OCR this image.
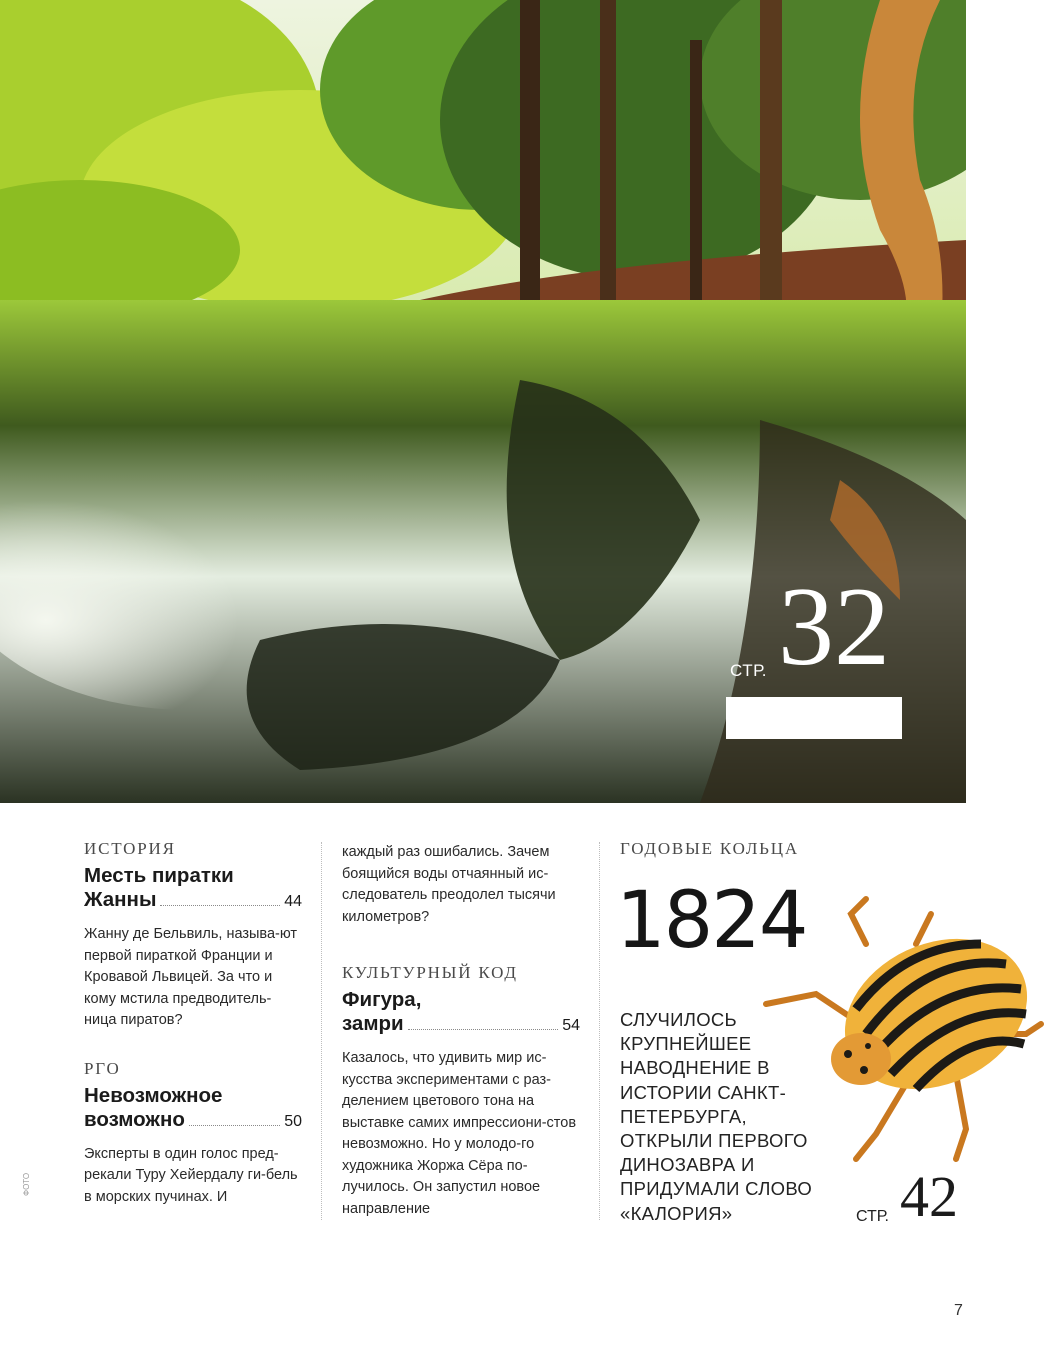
СТР. 32

ИСТОРИЯ

Месть пиратки
Жанны	44

Жанну де Бельвиль, называ-ют первой пираткой Франции и Кровавой Львицей. За что и кому мстила предводитель-ница пиратов?

РГО

Невозможное
возможно	50

Эксперты в один голос пред-рекали Туру Хейердалу ги-бель в морских пучинах. И

каждый раз ошибались. Зачем боящийся воды отчаянный ис-следователь преодолел тысячи километров?

КУЛЬТУРНЫЙ КОД

Фигура,
замри	54

Казалось, что удивить мир ис-кусства экспериментами с раз-делением цветового тона на выставке самих импрессиони-стов невозможно. Но у молодо-го художника Жоржа Сёра по-лучилось. Он запустил новое направление

ГОДОВЫЕ КОЛЬЦА

1824

СЛУЧИЛОСЬ КРУПНЕЙШЕЕ НАВОДНЕНИЕ В ИСТОРИИ САНКТ-ПЕТЕРБУРГА, ОТКРЫЛИ ПЕРВОГО ДИНОЗАВРА И ПРИДУМАЛИ СЛОВО «КАЛОРИЯ»	СТР. 42
ФОТО
7
